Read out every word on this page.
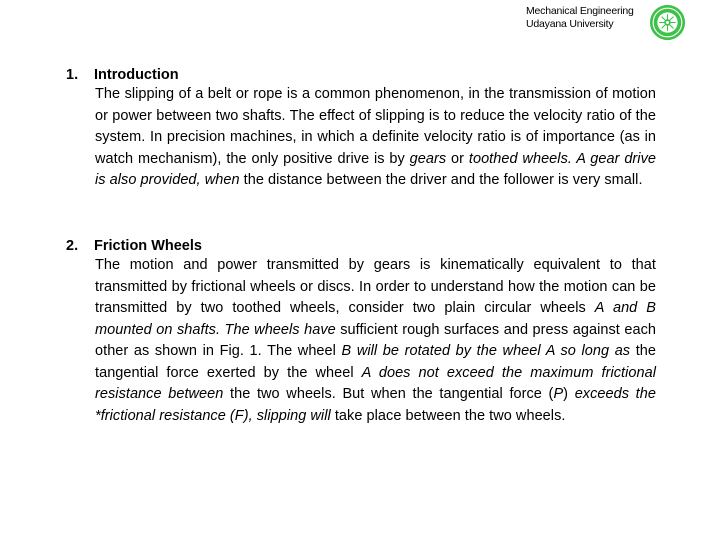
Mechanical Engineering
Udayana University
1. Introduction
The slipping of a belt or rope is a common phenomenon, in the transmission of motion or power between two shafts. The effect of slipping is to reduce the velocity ratio of the system. In precision machines, in which a definite velocity ratio is of importance (as in watch mechanism), the only positive drive is by gears or toothed wheels. A gear drive is also provided, when the distance between the driver and the follower is very small.
2. Friction Wheels
The motion and power transmitted by gears is kinematically equivalent to that transmitted by frictional wheels or discs. In order to understand how the motion can be transmitted by two toothed wheels, consider two plain circular wheels A and B mounted on shafts. The wheels have sufficient rough surfaces and press against each other as shown in Fig. 1. The wheel B will be rotated by the wheel A so long as the tangential force exerted by the wheel A does not exceed the maximum frictional resistance between the two wheels. But when the tangential force (P) exceeds the *frictional resistance (F), slipping will take place between the two wheels.
